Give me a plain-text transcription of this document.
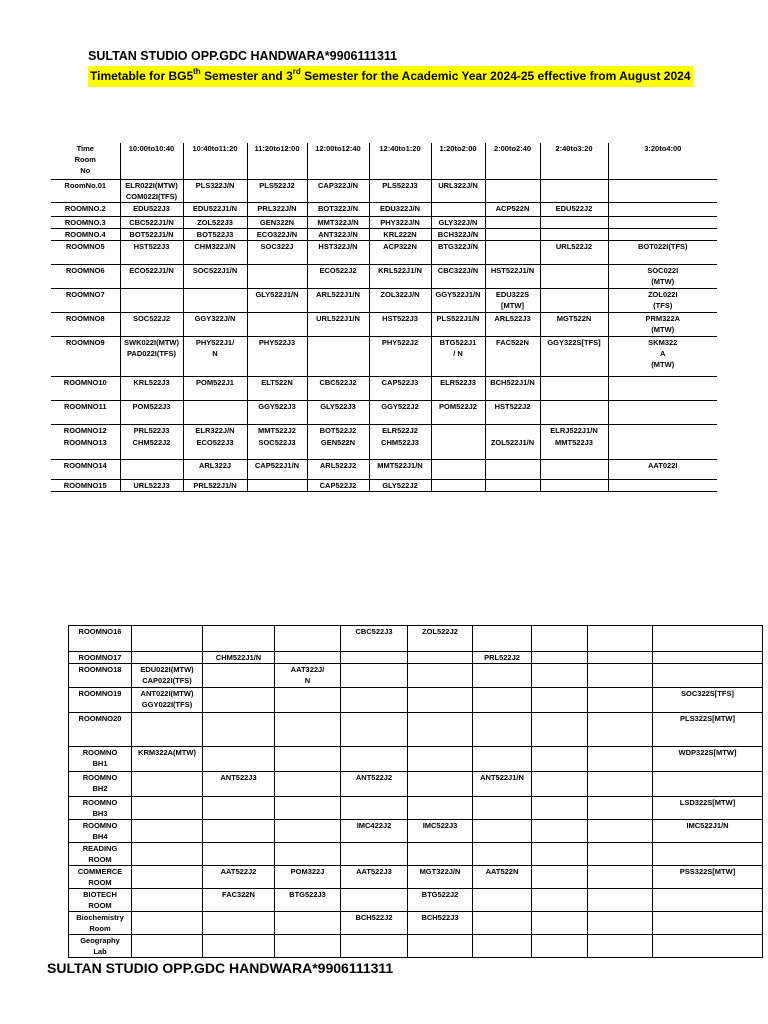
SULTAN STUDIO OPP.GDC HANDWARA*9906111311
Timetable for BG5th Semester and 3rd Semester for the Academic Year 2024-25 effective from August 2024
Time
Room
No	10:00to10:40	10:40to11:20	11:20to12:00	12:00to12:40	12:40to1:20	1:20to2:00	2:00to2:40	2:40to3:20	3:20to4:00

RoomNo.01	ELR022I(MTW)
COM022I(TFS)	PLS322J/N	PLS522J2	CAP322J/N	PLS522J3	URL322J/N			

ROOMNO.2	EDU522J3	EDU522J1/N	PRL322J/N	BOT322J/N	EDU322J/N		ACP522N	EDU522J2	

ROOMNO.3	CBC522J1/N	ZOL522J3	GEN322N	MMT322J/N	PHY322J/N	GLY322J/N			

ROOMNO.4	BOT522J1/N	BOT522J3	ECO322J/N	ANT322J/N	KRL222N	BCH322J/N			

ROOMNO5	HST522J3	CHM322J/N	SOC322J	HST322J/N	ACP322N	BTG322J/N		URL522J2	BOT022I(TFS)

ROOMNO6	ECO522J1/N	SOC522J1/N		ECO522J2	KRL522J1/N	CBC322J/N	HST522J1/N		SOC022I
(MTW)

ROOMNO7			GLY522J1/N	ARL522J1/N	ZOL322J/N	GGY522J1/N	EDU322S
[MTW]		ZOL022I
(TFS)

ROOMNO8	SOC522J2	GGY322J/N		URL522J1/N	HST522J3	PLS522J1/N	ARL522J3	MGT522N	PRM322A
(MTW)

ROOMNO9	SWK022I(MTW)
PAD022I(TFS)	PHY522J1/
N	PHY522J3		PHY522J2	BTG522J1
/ N	FAC522N	GGY322S[TFS]	SKM322
A
(MTW)

ROOMNO10	KRL522J3	POM522J1	ELT522N	CBC522J2	CAP522J3	ELR522J3	BCH522J1/N		

ROOMNO11	POM522J3		GGY522J3	GLY522J3	GGY522J2	POM522J2	HST522J2		

ROOMNO12	PRL522J3	ELR322J/N	MMT522J2	BOT522J2	ELR522J2			ELRJ522J1/N	

ROOMNO13	CHM522J2	ECO522J3	SOC522J3	GEN522N	CHM522J3		ZOL522J1/N	MMT522J3	

ROOMNO14		ARL322J	CAP522J1/N	ARL522J2	MMT522J1/N				AAT022I

ROOMNO15	URL522J3	PRL522J1/N		CAP522J2	GLY522J2				

ROOMNO16				CBC522J3	ZOL522J2				

ROOMNO17		CHM522J1/N				PRL522J2			

ROOMNO18	EDU022I(MTW)
CAP022I(TFS)		AAT322J/
N						

ROOMNO19	ANT022I(MTW)
GGY022I(TFS)								SOC322S[TFS]

ROOMNO20									PLS322S[MTW]

ROOMNO
BH1	KRM322A(MTW)								WDP322S[MTW]

ROOMNO
BH2		ANT522J3		ANT522J2		ANT522J1/N			

ROOMNO
BH3									LSD322S[MTW]

ROOMNO
BH4				IMC422J2	IMC522J3				IMC522J1/N

READING
ROOM									

COMMERCE
ROOM		AAT522J2	POM322J	AAT522J3	MGT322J/N	AAT522N			PSS322S[MTW]

BIOTECH
ROOM		FAC322N	BTG522J3		BTG522J2				

Biochemistry
Room				BCH522J2	BCH522J3				

Geography
Lab									

SULTAN STUDIO OPP.GDC HANDWARA*9906111311
